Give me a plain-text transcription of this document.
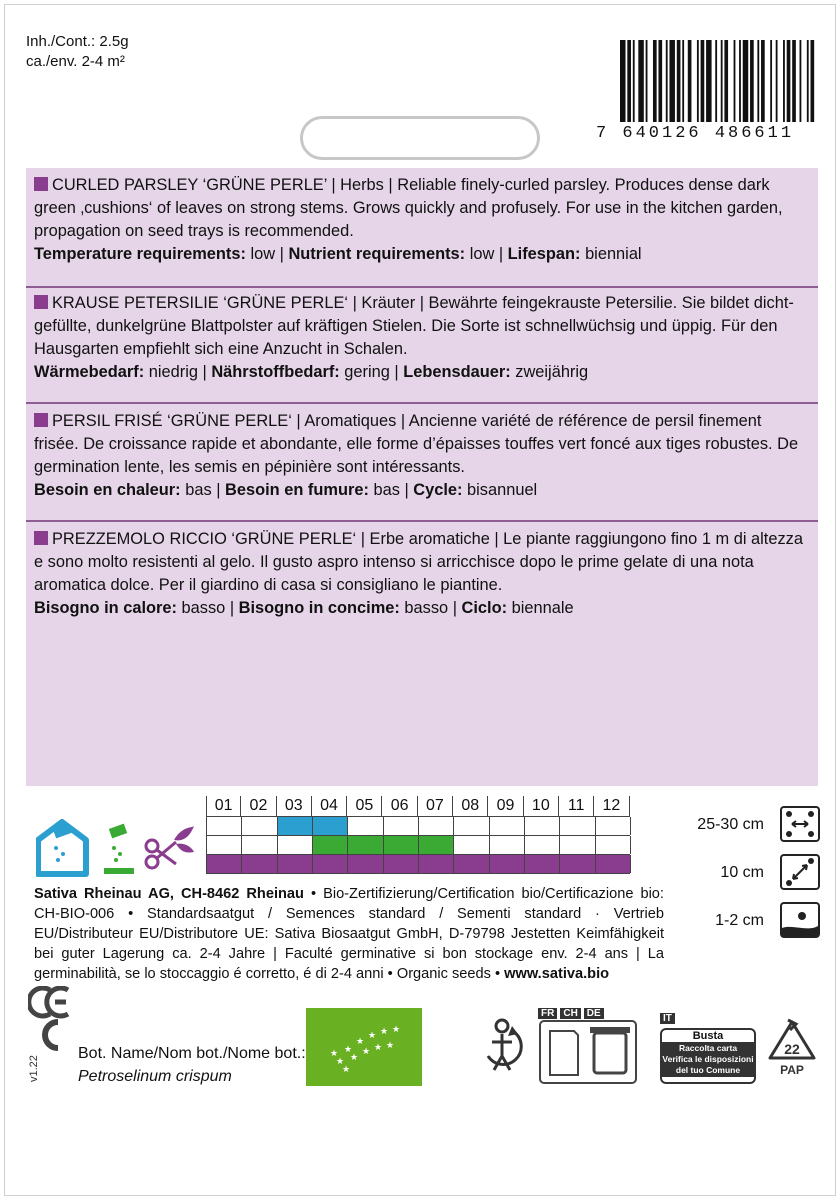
Inh./Cont.: 2.5g
ca./env. 2-4 m²
7 640126 486611

CURLED PARSLEY ‘GRÜNE PERLE’ | Herbs | Reliable finely-curled parsley. Produces dense dark green ‚cushions‘ of leaves on strong stems. Grows quickly and profusely. For use in the kitchen garden, propagation on seed trays is recommended.

Temperature requirements: low | Nutrient requirements: low | Lifespan: biennial

KRAUSE PETERSILIE ‘GRÜNE PERLE‘ | Kräuter | Bewährte feingekrauste Petersilie. Sie bildet dicht-gefüllte, dunkelgrüne Blattpolster auf kräftigen Stielen. Die Sorte ist schnellwüchsig und üppig. Für den Hausgarten empfiehlt sich eine Anzucht in Schalen.

Wärmebedarf: niedrig | Nährstoffbedarf: gering | Lebensdauer: zweijährig

PERSIL FRISÉ ‘GRÜNE PERLE‘ | Aromatiques | Ancienne variété de référence de persil finement frisée. De croissance rapide et abondante, elle forme d’épaisses touffes vert foncé aux tiges robustes. De germination lente, les semis en pépinière sont intéressants.

Besoin en chaleur: bas | Besoin en fumure: bas | Cycle: bisannuel

PREZZEMOLO RICCIO ‘GRÜNE PERLE‘ | Erbe aromatiche | Le piante raggiungono fino 1 m di altezza e sono molto resistenti al gelo. Il gusto aspro intenso si arricchisce dopo le prime gelate di una nota aromatica dolce. Per il giardino di casa si consigliano le piantine.

Bisogno in calore: basso | Bisogno in concime: basso | Ciclo: biennale

01	02	03	04	05	06	07	08	09	10	11	12
25-30 cm
10 cm
1-2 cm

Sativa Rheinau AG, CH-8462 Rheinau • Bio-Zertifizierung/Certification bio/Certificazione bio: CH-BIO-006 • Standardsaatgut / Semences standard / Sementi standard · Vertrieb EU/Distributeur EU/Distributore UE: Sativa Biosaatgut GmbH, D-79798 Jestetten Keimfähigkeit bei guter Lagerung ca. 2-4 Jahre | Faculté germinative si bon stockage env. 2-4 ans | La germinabilità, se lo stoccaggio é corretto, é di 2-4 anni • Organic seeds • www.sativa.bio

v1.22
Bot. Name/Nom bot./Nome bot.:
Petroselinum crispum
★
★
★
★ ★ ★
★
★ ★ ★
★
★
FR CH DE	IT
Busta
Raccolta carta
Verifica le disposizioni
del tuo Comune
22
PAP
